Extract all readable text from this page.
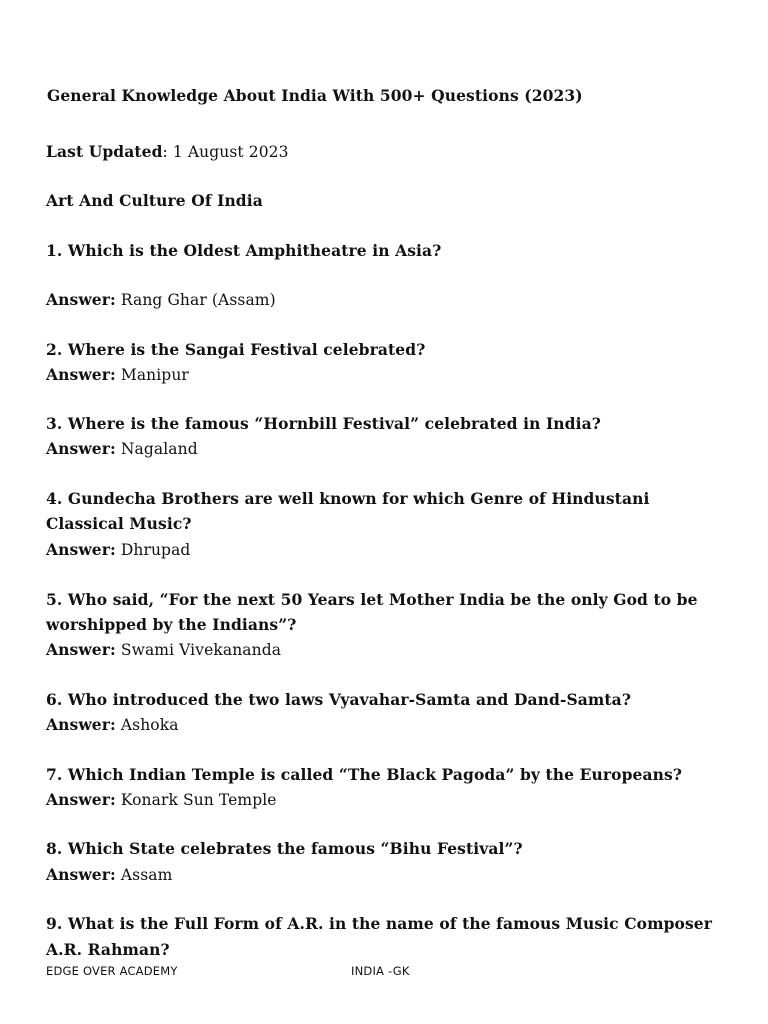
General Knowledge About India With 500+ Questions (2023)
Last Updated: 1 August 2023
Art And Culture Of India
1. Which is the Oldest Amphitheatre in Asia?
Answer: Rang Ghar (Assam)
2. Where is the Sangai Festival celebrated?
Answer: Manipur
3. Where is the famous “Hornbill Festival” celebrated in India?
Answer: Nagaland
4. Gundecha Brothers are well known for which Genre of Hindustani
Classical Music?
Answer: Dhrupad
5. Who said, “For the next 50 Years let Mother India be the only God to be
worshipped by the Indians”?
Answer: Swami Vivekananda
6. Who introduced the two laws Vyavahar-Samta and Dand-Samta?
Answer: Ashoka
7. Which Indian Temple is called “The Black Pagoda” by the Europeans?
Answer: Konark Sun Temple
8. Which State celebrates the famous “Bihu Festival”?
Answer: Assam
9. What is the Full Form of A.R. in the name of the famous Music Composer
A.R. Rahman?
EDGE OVER ACADEMY	INDIA -GK
